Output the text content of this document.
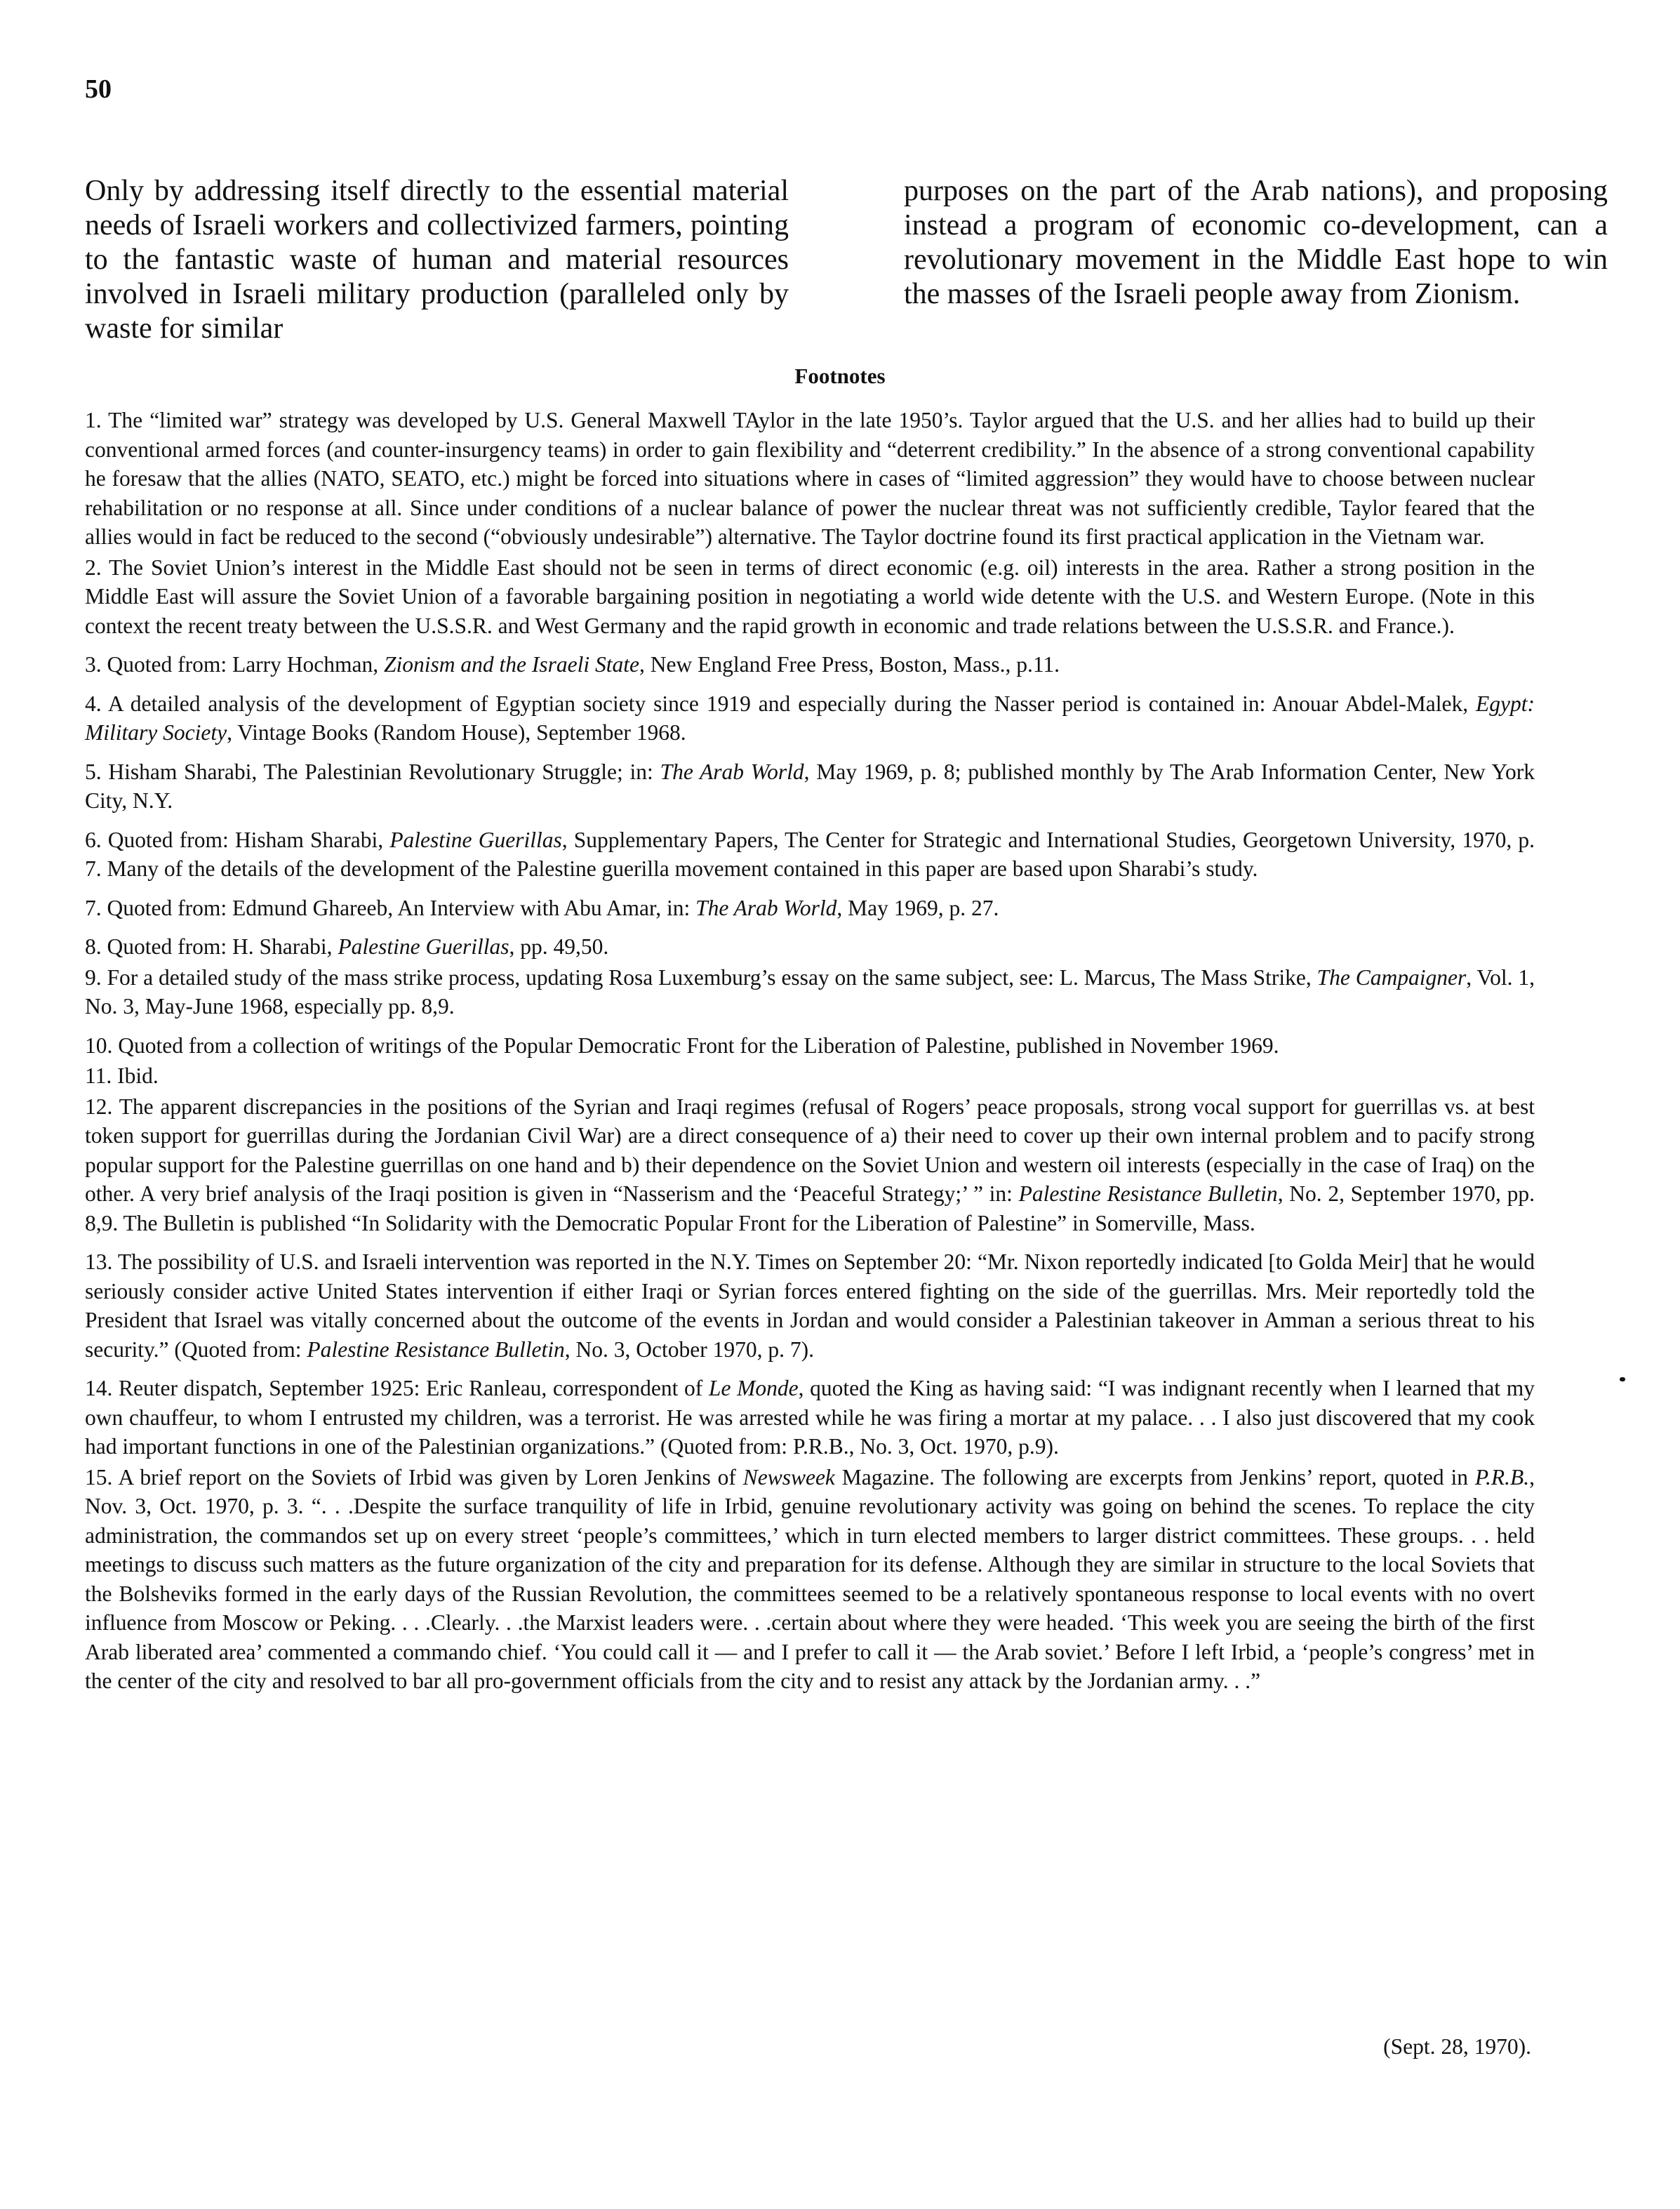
50
Only by addressing itself directly to the essential material needs of Israeli workers and collectivized farmers, pointing to the fantastic waste of human and material resources involved in Israeli military production (paralleled only by waste for similar
purposes on the part of the Arab nations), and proposing instead a program of economic co-development, can a revolutionary movement in the Middle East hope to win the masses of the Israeli people away from Zionism.
Footnotes

1. The “limited war” strategy was developed by U.S. General Maxwell TAylor in the late 1950’s. Taylor argued that the U.S. and her allies had to build up their conventional armed forces (and counter-insurgency teams) in order to gain flexibility and “deterrent credibility.” In the absence of a strong conventional capability he foresaw that the allies (NATO, SEATO, etc.) might be forced into situations where in cases of “limited aggression” they would have to choose between nuclear rehabilitation or no response at all. Since under conditions of a nuclear balance of power the nuclear threat was not sufficiently credible, Taylor feared that the allies would in fact be reduced to the second (“obviously undesirable”) alternative. The Taylor doctrine found its first practical application in the Vietnam war.

2. The Soviet Union’s interest in the Middle East should not be seen in terms of direct economic (e.g. oil) interests in the area. Rather a strong position in the Middle East will assure the Soviet Union of a favorable bargaining position in negotiating a world wide detente with the U.S. and Western Europe. (Note in this context the recent treaty between the U.S.S.R. and West Germany and the rapid growth in economic and trade relations between the U.S.S.R. and France.).

3. Quoted from: Larry Hochman, Zionism and the Israeli State, New England Free Press, Boston, Mass., p.11.

4. A detailed analysis of the development of Egyptian society since 1919 and especially during the Nasser period is contained in: Anouar Abdel-Malek, Egypt: Military Society, Vintage Books (Random House), September 1968.

5. Hisham Sharabi, The Palestinian Revolutionary Struggle; in: The Arab World, May 1969, p. 8; published monthly by The Arab Information Center, New York City, N.Y.

6. Quoted from: Hisham Sharabi, Palestine Guerillas, Supplementary Papers, The Center for Strategic and International Studies, Georgetown University, 1970, p. 7. Many of the details of the development of the Palestine guerilla movement contained in this paper are based upon Sharabi’s study.

7. Quoted from: Edmund Ghareeb, An Interview with Abu Amar, in: The Arab World, May 1969, p. 27.

8. Quoted from: H. Sharabi, Palestine Guerillas, pp. 49,50.

9. For a detailed study of the mass strike process, updating Rosa Luxemburg’s essay on the same subject, see: L. Marcus, The Mass Strike, The Campaigner, Vol. 1, No. 3, May-June 1968, especially pp. 8,9.

10. Quoted from a collection of writings of the Popular Democratic Front for the Liberation of Palestine, published in November 1969.

11. Ibid.

12. The apparent discrepancies in the positions of the Syrian and Iraqi regimes (refusal of Rogers’ peace proposals, strong vocal support for guerrillas vs. at best token support for guerrillas during the Jordanian Civil War) are a direct consequence of a) their need to cover up their own internal problem and to pacify strong popular support for the Palestine guerrillas on one hand and b) their dependence on the Soviet Union and western oil interests (especially in the case of Iraq) on the other. A very brief analysis of the Iraqi position is given in “Nasserism and the ‘Peaceful Strategy;’ ” in: Palestine Resistance Bulletin, No. 2, September 1970, pp. 8,9. The Bulletin is published “In Solidarity with the Democratic Popular Front for the Liberation of Palestine” in Somerville, Mass.

13. The possibility of U.S. and Israeli intervention was reported in the N.Y. Times on September 20: “Mr. Nixon reportedly indicated [to Golda Meir] that he would seriously consider active United States intervention if either Iraqi or Syrian forces entered fighting on the side of the guerrillas. Mrs. Meir reportedly told the President that Israel was vitally concerned about the outcome of the events in Jordan and would consider a Palestinian takeover in Amman a serious threat to his security.” (Quoted from: Palestine Resistance Bulletin, No. 3, October 1970, p. 7).

14. Reuter dispatch, September 1925: Eric Ranleau, correspondent of Le Monde, quoted the King as having said: “I was indignant recently when I learned that my own chauffeur, to whom I entrusted my children, was a terrorist. He was arrested while he was firing a mortar at my palace. . . I also just discovered that my cook had important functions in one of the Palestinian organizations.” (Quoted from: P.R.B., No. 3, Oct. 1970, p.9).

15. A brief report on the Soviets of Irbid was given by Loren Jenkins of Newsweek Magazine. The following are excerpts from Jenkins’ report, quoted in P.R.B., Nov. 3, Oct. 1970, p. 3. “. . .Despite the surface tranquility of life in Irbid, genuine revolutionary activity was going on behind the scenes. To replace the city administration, the commandos set up on every street ‘people’s committees,’ which in turn elected members to larger district committees. These groups. . . held meetings to discuss such matters as the future organization of the city and preparation for its defense. Although they are similar in structure to the local Soviets that the Bolsheviks formed in the early days of the Russian Revolution, the committees seemed to be a relatively spontaneous response to local events with no overt influence from Moscow or Peking. . . .Clearly. . .the Marxist leaders were. . .certain about where they were headed. ‘This week you are seeing the birth of the first Arab liberated area’ commented a commando chief. ‘You could call it — and I prefer to call it — the Arab soviet.’ Before I left Irbid, a ‘people’s congress’ met in the center of the city and resolved to bar all pro-government officials from the city and to resist any attack by the Jordanian army. . .”

(Sept. 28, 1970).
